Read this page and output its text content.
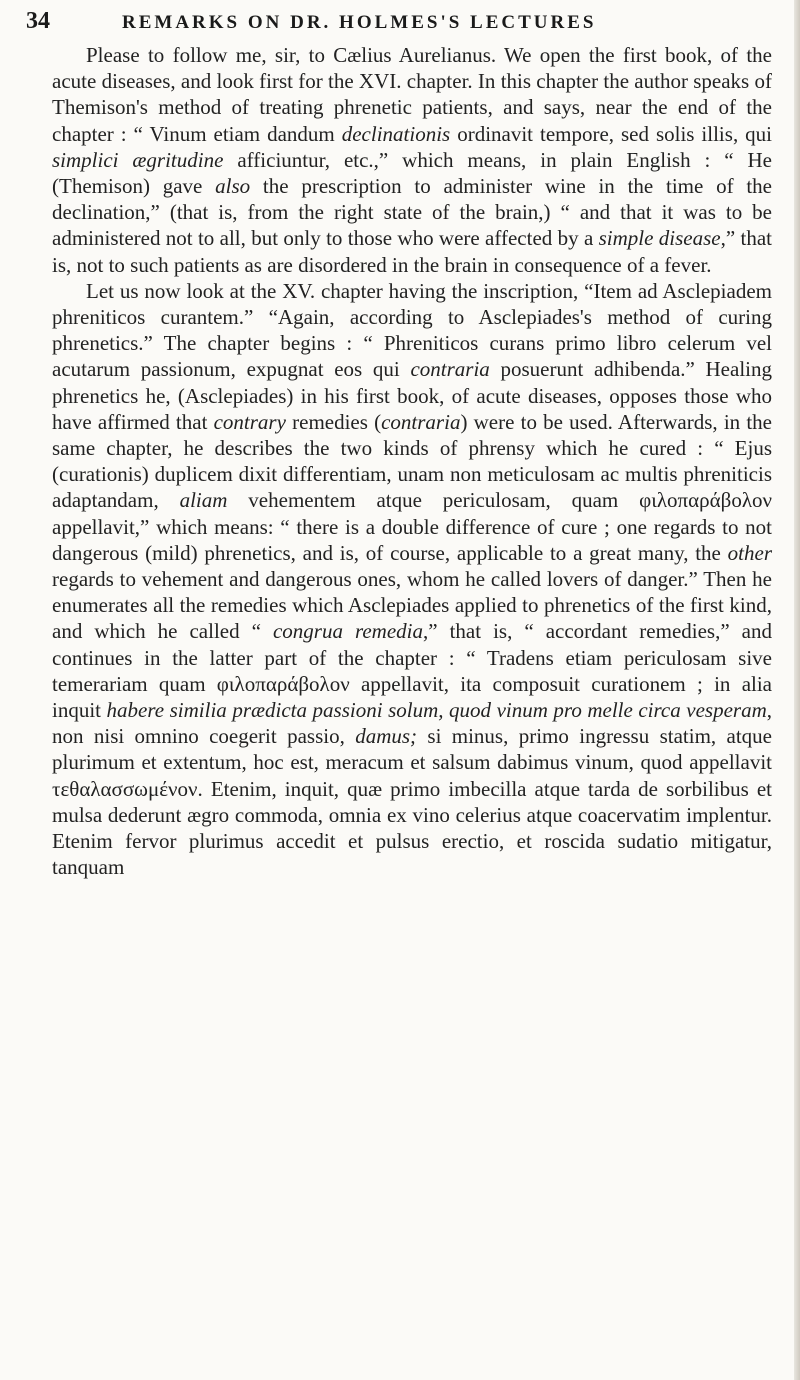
34	REMARKS ON DR. HOLMES'S LECTURES

Please to follow me, sir, to Cælius Aurelianus. We open the first book, of the acute diseases, and look first for the XVI. chapter. In this chapter the author speaks of Themison's method of treating phrenetic patients, and says, near the end of the chapter : “ Vinum etiam dandum declinationis ordinavit tempore, sed solis illis, qui simplici ægritudine afficiuntur, etc.,” which means, in plain English : “ He (Themison) gave also the prescription to administer wine in the time of the declination,” (that is, from the right state of the brain,) “ and that it was to be administered not to all, but only to those who were affected by a simple disease,” that is, not to such patients as are disordered in the brain in consequence of a fever.

Let us now look at the XV. chapter having the inscription, “Item ad Asclepiadem phreniticos curantem.” “Again, according to Asclepiades's method of curing phrenetics.” The chapter begins : “ Phreniticos curans primo libro celerum vel acutarum passionum, expugnat eos qui contraria posuerunt adhibenda.” Healing phrenetics he, (Asclepiades) in his first book, of acute diseases, opposes those who have affirmed that contrary remedies (contraria) were to be used. Afterwards, in the same chapter, he describes the two kinds of phrensy which he cured : “ Ejus (curationis) duplicem dixit differentiam, unam non meticulosam ac multis phreniticis adaptandam, aliam vehementem atque periculosam, quam φιλοπαράβολον appellavit,” which means: “ there is a double difference of cure ; one regards to not dangerous (mild) phrenetics, and is, of course, applicable to a great many, the other regards to vehement and dangerous ones, whom he called lovers of danger.” Then he enumerates all the remedies which Asclepiades applied to phrenetics of the first kind, and which he called “ congrua remedia,” that is, “ accordant remedies,” and continues in the latter part of the chapter : “ Tradens etiam periculosam sive temerariam quam φιλοπαράβολον appellavit, ita composuit curationem ; in alia inquit habere similia prædicta passioni solum, quod vinum pro melle circa vesperam, non nisi omnino coegerit passio, damus; si minus, primo ingressu statim, atque plurimum et extentum, hoc est, meracum et salsum dabimus vinum, quod appellavit τεθαλασσωμένον. Etenim, inquit, quæ primo imbecilla atque tarda de sorbilibus et mulsa dederunt ægro commoda, omnia ex vino celerius atque coacervatim implentur. Etenim fervor plurimus accedit et pulsus erectio, et roscida sudatio mitigatur, tanquam
